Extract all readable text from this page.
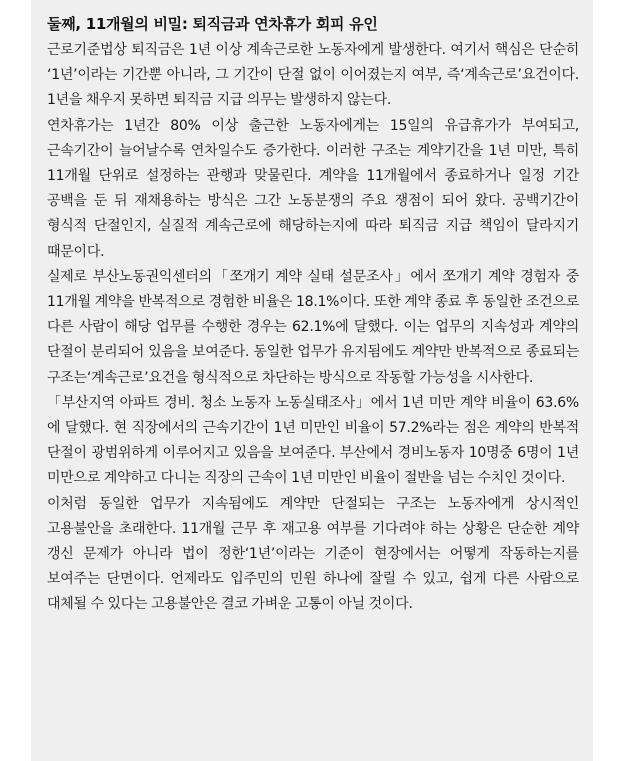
둘째, 11개월의 비밀: 퇴직금과 연차휴가 회피 유인

근로기준법상 퇴직금은 1년 이상 계속근로한 노동자에게 발생한다. 여기서 핵심은 단순히 ‘1년’이라는 기간뿐 아니라, 그 기간이 단절 없이 이어졌는지 여부, 즉‘계속근로’요건이다. 1년을 채우지 못하면 퇴직금 지급 의무는 발생하지 않는다.

연차휴가는 1년간 80% 이상 출근한 노동자에게는 15일의 유급휴가가 부여되고, 근속기간이 늘어날수록 연차일수도 증가한다. 이러한 구조는 계약기간을 1년 미만, 특히 11개월 단위로 설정하는 관행과 맞물린다. 계약을 11개월에서 종료하거나 일정 기간 공백을 둔 뒤 재채용하는 방식은 그간 노동분쟁의 주요 쟁점이 되어 왔다. 공백기간이 형식적 단절인지, 실질적 계속근로에 해당하는지에 따라 퇴직금 지급 책임이 달라지기 때문이다.

실제로 부산노동권익센터의「쪼개기 계약 실태 설문조사」에서 쪼개기 계약 경험자 중 11개월 계약을 반복적으로 경험한 비율은 18.1%이다. 또한 계약 종료 후 동일한 조건으로 다른 사람이 해당 업무를 수행한 경우는 62.1%에 달했다. 이는 업무의 지속성과 계약의 단절이 분리되어 있음을 보여준다. 동일한 업무가 유지됨에도 계약만 반복적으로 종료되는 구조는‘계속근로’요건을 형식적으로 차단하는 방식으로 작동할 가능성을 시사한다.

「부산지역 아파트 경비. 청소 노동자 노동실태조사」에서 1년 미만 계약 비율이 63.6%에 달했다. 현 직장에서의 근속기간이 1년 미만인 비율이 57.2%라는 점은 계약의 반복적 단절이 광범위하게 이루어지고 있음을 보여준다. 부산에서 경비노동자 10명중 6명이 1년 미만으로 계약하고 다니는 직장의 근속이 1년 미만인 비율이 절반을 넘는 수치인 것이다.

이처럼 동일한 업무가 지속됨에도 계약만 단절되는 구조는 노동자에게 상시적인 고용불안을 초래한다. 11개월 근무 후 재고용 여부를 기다려야 하는 상황은 단순한 계약 갱신 문제가 아니라 법이 정한‘1년’이라는 기준이 현장에서는 어떻게 작동하는지를 보여주는 단면이다. 언제라도 입주민의 민원 하나에 잘릴 수 있고, 쉽게 다른 사람으로 대체될 수 있다는 고용불안은 결코 가벼운 고통이 아닐 것이다.
